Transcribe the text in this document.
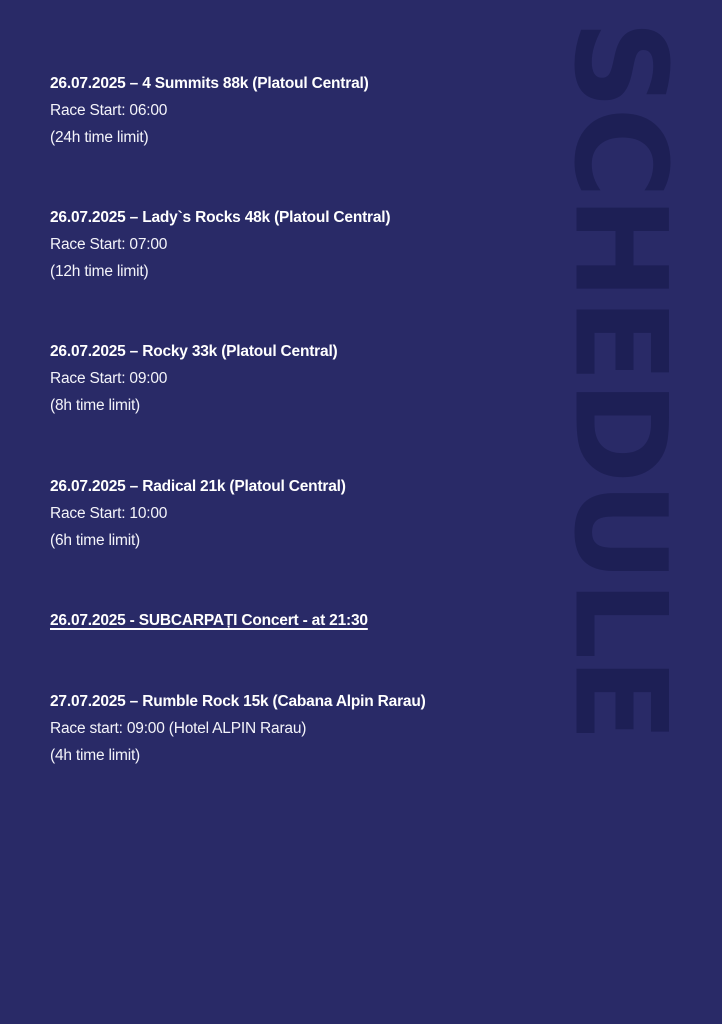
SCHEDULE
26.07.2025 – 4 Summits 88k (Platoul Central)
Race Start: 06:00
(24h time limit)
26.07.2025 – Lady`s Rocks 48k (Platoul Central)
Race Start: 07:00
(12h time limit)
26.07.2025 – Rocky 33k (Platoul Central)
Race Start: 09:00
(8h time limit)
26.07.2025 – Radical 21k (Platoul Central)
Race Start: 10:00
(6h time limit)
26.07.2025 - SUBCARPAȚI Concert - at 21:30
27.07.2025 – Rumble Rock 15k (Cabana Alpin Rarau)
Race start: 09:00 (Hotel ALPIN Rarau)
(4h time limit)
